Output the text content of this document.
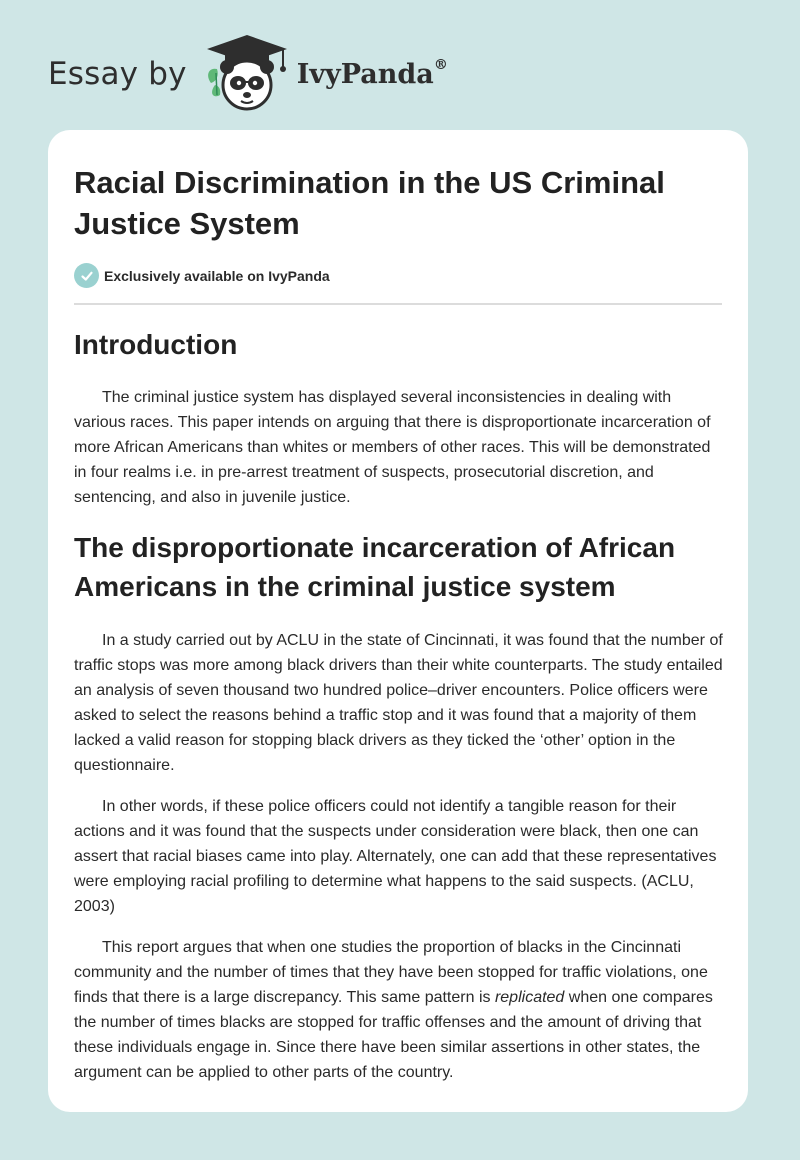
Essay by	IvyPanda®
Racial Discrimination in the US Criminal Justice System
Exclusively available on IvyPanda
Introduction

The criminal justice system has displayed several inconsistencies in dealing with various races. This paper intends on arguing that there is disproportionate incarceration of more African Americans than whites or members of other races. This will be demonstrated in four realms i.e. in pre-arrest treatment of suspects, prosecutorial discretion, and sentencing, and also in juvenile justice.

The disproportionate incarceration of African Americans in the criminal justice system

In a study carried out by ACLU in the state of Cincinnati, it was found that the number of traffic stops was more among black drivers than their white counterparts. The study entailed an analysis of seven thousand two hundred police–driver encounters. Police officers were asked to select the reasons behind a traffic stop and it was found that a majority of them lacked a valid reason for stopping black drivers as they ticked the ‘other’ option in the questionnaire.

In other words, if these police officers could not identify a tangible reason for their actions and it was found that the suspects under consideration were black, then one can assert that racial biases came into play. Alternately, one can add that these representatives were employing racial profiling to determine what happens to the said suspects. (ACLU, 2003)

This report argues that when one studies the proportion of blacks in the Cincinnati community and the number of times that they have been stopped for traffic violations, one finds that there is a large discrepancy. This same pattern is replicated when one compares the number of times blacks are stopped for traffic offenses and the amount of driving that these individuals engage in. Since there have been similar assertions in other states, the argument can be applied to other parts of the country.
